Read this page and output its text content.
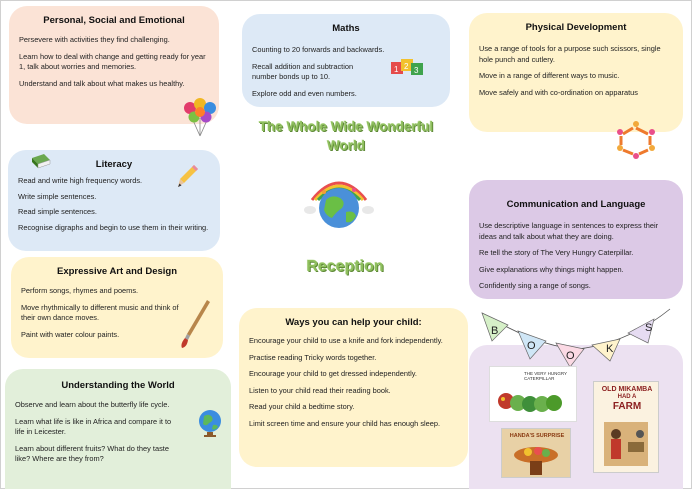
Personal, Social and Emotional

Persevere with activities they find challenging.

Learn how to deal with change and getting ready for year 1, talk about worries and memories.

Understand and talk about what makes us healthy.

Maths

Counting to 20 forwards and backwards.

Recall addition and subtraction number bonds up to 10.

Explore odd and even numbers.

1 2 3
Physical Development

Use a range of tools for a purpose such scissors, single hole punch and cutlery.

Move in a range of different ways to music.

Move safely and with co-ordination on apparatus

Literacy

Read and write high frequency words.

Write simple sentences.

Read simple sentences.

Recognise digraphs and begin to use them in their writing.

The Whole Wide Wonderful
World
Reception
Communication and Language

Use descriptive language in sentences to express their ideas and talk about what they are doing.

Re tell the story of The Very Hungry Caterpillar.

Give explanations why things might happen.

Confidently sing a range of songs.

Expressive Art and Design

Perform songs, rhymes and poems.

Move rhythmically to different music and think of their own dance moves.

Paint with water colour paints.

Understanding the World

Observe and learn about the butterfly life cycle.

Learn what life is like in Africa and compare it to life in Leicester.

Learn about different fruits? What do they taste like? Where are they from?

Ways you can help your child:

Encourage your child to use a knife and fork independently.

Practise reading Tricky words together.

Encourage your child to get dressed independently.

Listen to your child read their reading book.

Read your child a bedtime story.

Limit screen time and ensure your child has enough sleep.

B
O
O
K
S
THE VERY HUNGRY CATERPILLAR
HANDA'S SURPRISE
OLD MIKAMBA
HAD A
FARM
